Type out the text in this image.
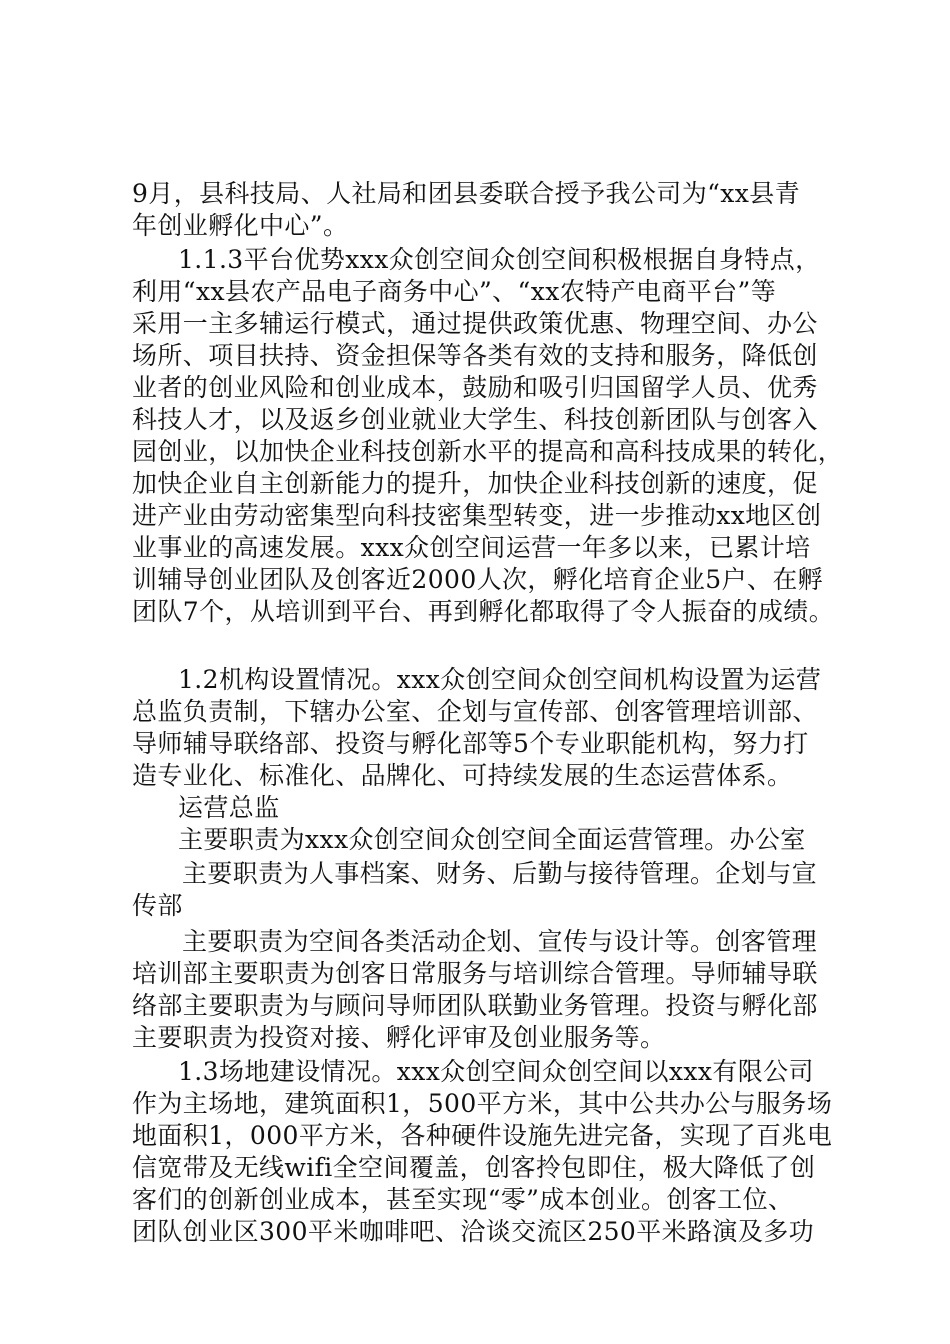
9月，县科技局、人社局和团县委联合授予我公司为“xx县青
年创业孵化中心”。
1.1.3平台优势xxx众创空间众创空间积极根据自身特点，
利用“xx县农产品电子商务中心”、“xx农特产电商平台”等
采用一主多辅运行模式，通过提供政策优惠、物理空间、办公
场所、项目扶持、资金担保等各类有效的支持和服务，降低创
业者的创业风险和创业成本，鼓励和吸引归国留学人员、优秀
科技人才，以及返乡创业就业大学生、科技创新团队与创客入
园创业，以加快企业科技创新水平的提高和高科技成果的转化，
加快企业自主创新能力的提升，加快企业科技创新的速度，促
进产业由劳动密集型向科技密集型转变，进一步推动xx地区创
业事业的高速发展。xxx众创空间运营一年多以来，已累计培
训辅导创业团队及创客近2000人次，孵化培育企业5户、在孵
团队7个，从培训到平台、再到孵化都取得了令人振奋的成绩。
1.2机构设置情况。xxx众创空间众创空间机构设置为运营
总监负责制，下辖办公室、企划与宣传部、创客管理培训部、
导师辅导联络部、投资与孵化部等5个专业职能机构，努力打
造专业化、标准化、品牌化、可持续发展的生态运营体系。
运营总监
主要职责为xxx众创空间众创空间全面运营管理。办公室
主要职责为人事档案、财务、后勤与接待管理。企划与宣
传部
主要职责为空间各类活动企划、宣传与设计等。创客管理
培训部主要职责为创客日常服务与培训综合管理。导师辅导联
络部主要职责为与顾问导师团队联勤业务管理。投资与孵化部
主要职责为投资对接、孵化评审及创业服务等。
1.3场地建设情况。xxx众创空间众创空间以xxx有限公司
作为主场地，建筑面积1，500平方米，其中公共办公与服务场
地面积1，000平方米，各种硬件设施先进完备，实现了百兆电
信宽带及无线wifi全空间覆盖，创客拎包即住，极大降低了创
客们的创新创业成本，甚至实现“零”成本创业。创客工位、
团队创业区300平米咖啡吧、洽谈交流区250平米路演及多功
